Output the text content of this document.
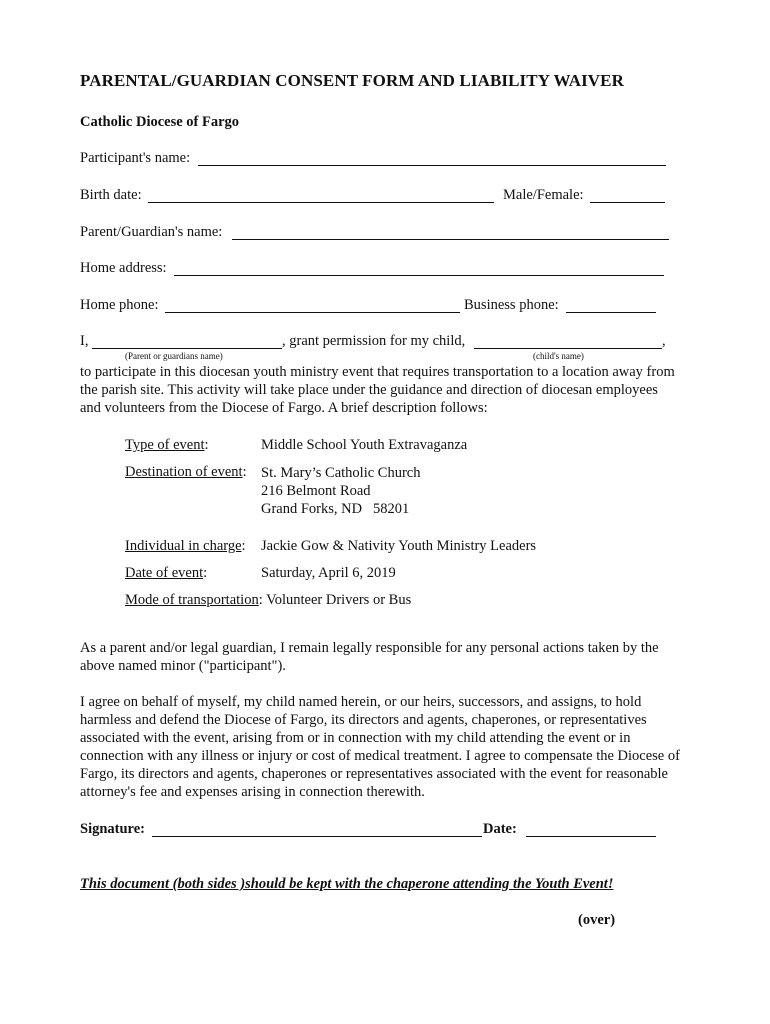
PARENTAL/GUARDIAN CONSENT FORM AND LIABILITY WAIVER
Catholic Diocese of Fargo
Participant's name:
Birth date:	Male/Female:
Parent/Guardian's name:
Home address:
Home phone:	Business phone:
I,	, grant permission for my child,	,
(Parent or guardians name)	(child's name)
to participate in this diocesan youth ministry event that requires transportation to a location away from the parish site. This activity will take place under the guidance and direction of diocesan employees and volunteers from the Diocese of Fargo. A brief description follows:
Type of event:	Middle School Youth Extravaganza
Destination of event: St. Mary’s Catholic Church
216 Belmont Road
Grand Forks, ND   58201
Individual in charge: Jackie Gow & Nativity Youth Ministry Leaders
Date of event:	Saturday, April 6, 2019
Mode of transportation: Volunteer Drivers or Bus
As a parent and/or legal guardian, I remain legally responsible for any personal actions taken by the above named minor ("participant").
I agree on behalf of myself, my child named herein, or our heirs, successors, and assigns, to hold harmless and defend the Diocese of Fargo, its directors and agents, chaperones, or representatives associated with the event, arising from or in connection with my child attending the event or in connection with any illness or injury or cost of medical treatment. I agree to compensate the Diocese of Fargo, its directors and agents, chaperones or representatives associated with the event for reasonable attorney's fee and expenses arising in connection therewith.
Signature:	Date:
This document (both sides )should be kept with the chaperone attending the Youth Event!
(over)
